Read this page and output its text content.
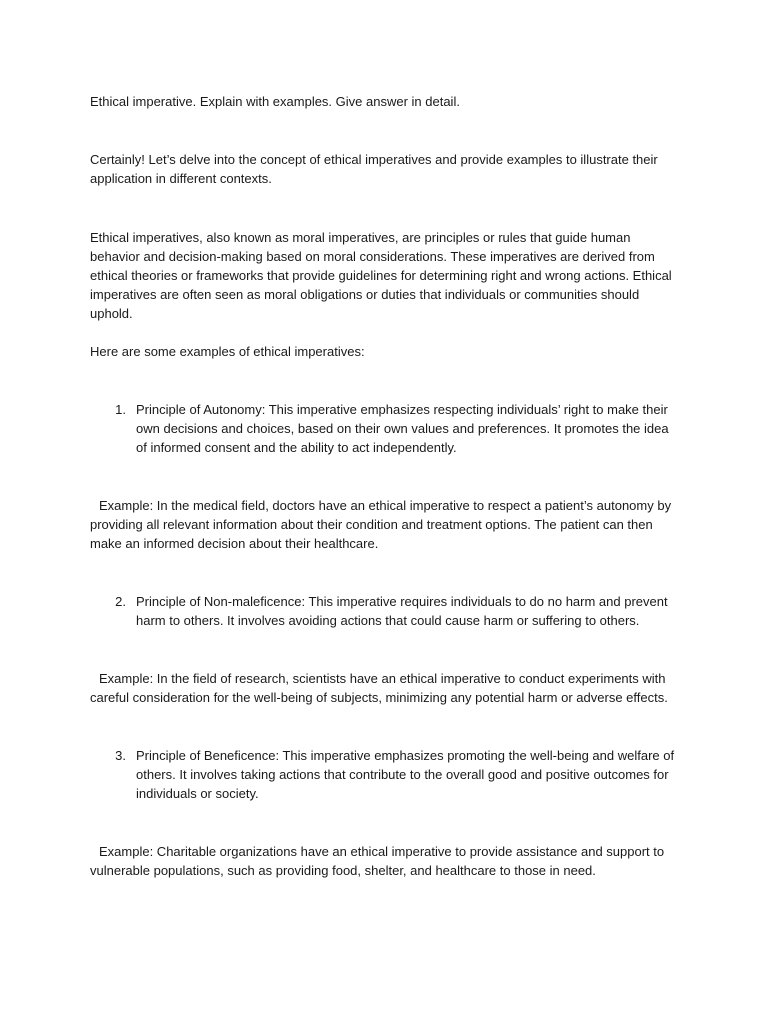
Ethical imperative. Explain with examples. Give answer in detail.

Certainly! Let’s delve into the concept of ethical imperatives and provide examples to illustrate their application in different contexts.

Ethical imperatives, also known as moral imperatives, are principles or rules that guide human behavior and decision-making based on moral considerations. These imperatives are derived from ethical theories or frameworks that provide guidelines for determining right and wrong actions. Ethical imperatives are often seen as moral obligations or duties that individuals or communities should uphold.

Here are some examples of ethical imperatives:

1. Principle of Autonomy: This imperative emphasizes respecting individuals’ right to make their own decisions and choices, based on their own values and preferences. It promotes the idea of informed consent and the ability to act independently.

Example: In the medical field, doctors have an ethical imperative to respect a patient’s autonomy by providing all relevant information about their condition and treatment options. The patient can then make an informed decision about their healthcare.

2. Principle of Non-maleficence: This imperative requires individuals to do no harm and prevent harm to others. It involves avoiding actions that could cause harm or suffering to others.

Example: In the field of research, scientists have an ethical imperative to conduct experiments with careful consideration for the well-being of subjects, minimizing any potential harm or adverse effects.

3. Principle of Beneficence: This imperative emphasizes promoting the well-being and welfare of others. It involves taking actions that contribute to the overall good and positive outcomes for individuals or society.

Example: Charitable organizations have an ethical imperative to provide assistance and support to vulnerable populations, such as providing food, shelter, and healthcare to those in need.
